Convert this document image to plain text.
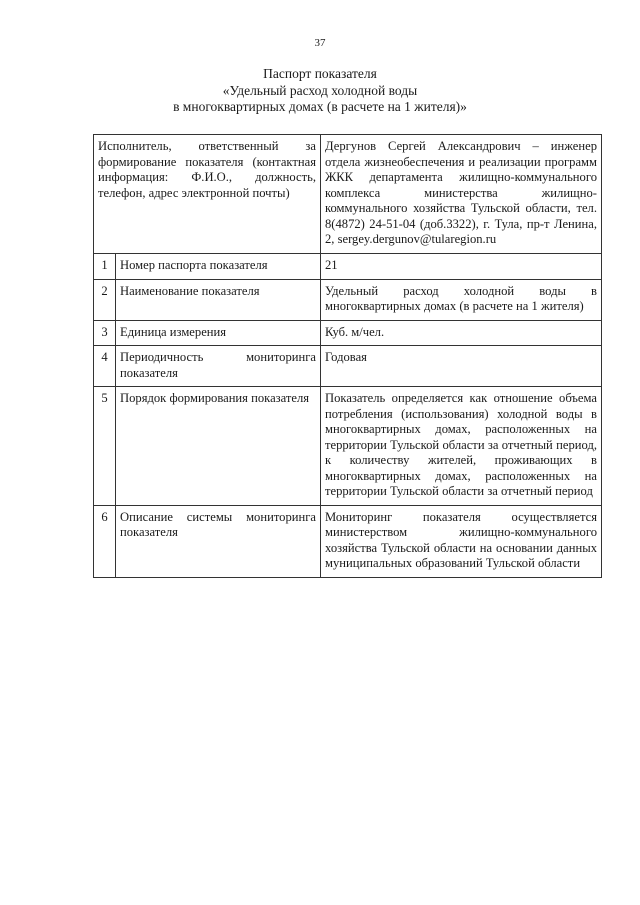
37
Паспорт показателя
«Удельный расход холодной воды
в многоквартирных домах (в расчете на 1 жителя)»
Исполнитель, ответственный за формирование показателя (контактная информация: Ф.И.О., должность, телефон, адрес электронной почты)	Дергунов Сергей Александрович – инженер отдела жизнеобеспечения и реализации программ ЖКК департамента жилищно-коммунального комплекса министерства жилищно-коммунального хозяйства Тульской области, тел. 8(4872) 24-51-04 (доб.3322), г. Тула, пр-т Ленина, 2, sergey.dergunov@tularegion.ru
1	Номер паспорта показателя	21
2	Наименование показателя	Удельный расход холодной воды в многоквартирных домах (в расчете на 1 жителя)
3	Единица измерения	Куб. м/чел.
4	Периодичность мониторинга показателя	Годовая
5	Порядок формирования показателя	Показатель определяется как отношение объема потребления (использования) холодной воды в многоквартирных домах, расположенных на территории Тульской области за отчетный период, к количеству жителей, проживающих в многоквартирных домах, расположенных на территории Тульской области за отчетный период
6	Описание системы мониторинга показателя	Мониторинг показателя осуществляется министерством жилищно-коммунального хозяйства Тульской области на основании данных муниципальных образований Тульской области
